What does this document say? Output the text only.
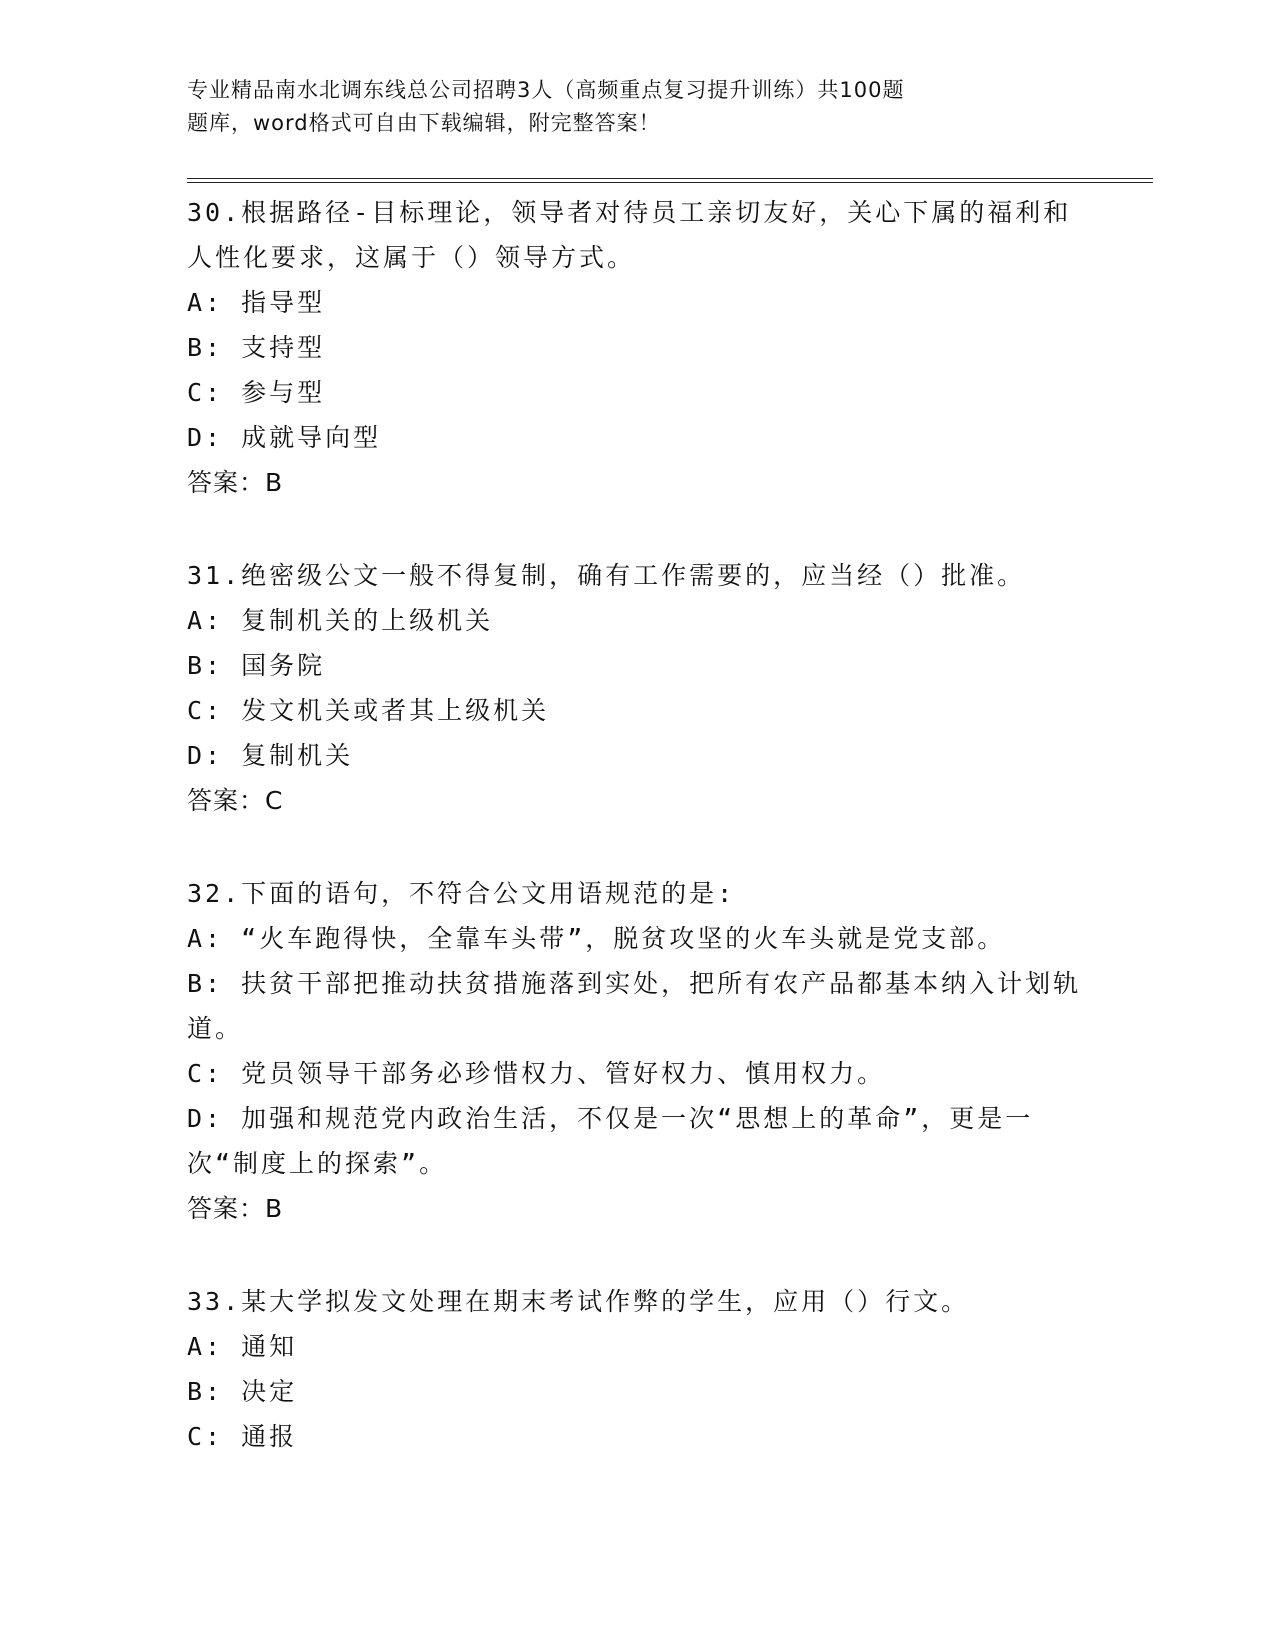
专业精品南水北调东线总公司招聘3人（高频重点复习提升训练）共100题
题库，word格式可自由下载编辑，附完整答案！

30.根据路径-目标理论，领导者对待员工亲切友好，关心下属的福利和人性化要求，这属于（）领导方式。

A: 指导型

B: 支持型

C: 参与型

D: 成就导向型

答案：B

31.绝密级公文一般不得复制，确有工作需要的，应当经（）批准。

A: 复制机关的上级机关

B: 国务院

C: 发文机关或者其上级机关

D: 复制机关

答案：C

32.下面的语句，不符合公文用语规范的是:

A: “火车跑得快，全靠车头带”，脱贫攻坚的火车头就是党支部。

B: 扶贫干部把推动扶贫措施落到实处，把所有农产品都基本纳入计划轨道。

C: 党员领导干部务必珍惜权力、管好权力、慎用权力。

D: 加强和规范党内政治生活，不仅是一次“思想上的革命”，更是一次“制度上的探索”。

答案：B

33.某大学拟发文处理在期末考试作弊的学生，应用（）行文。

A: 通知

B: 决定

C: 通报
